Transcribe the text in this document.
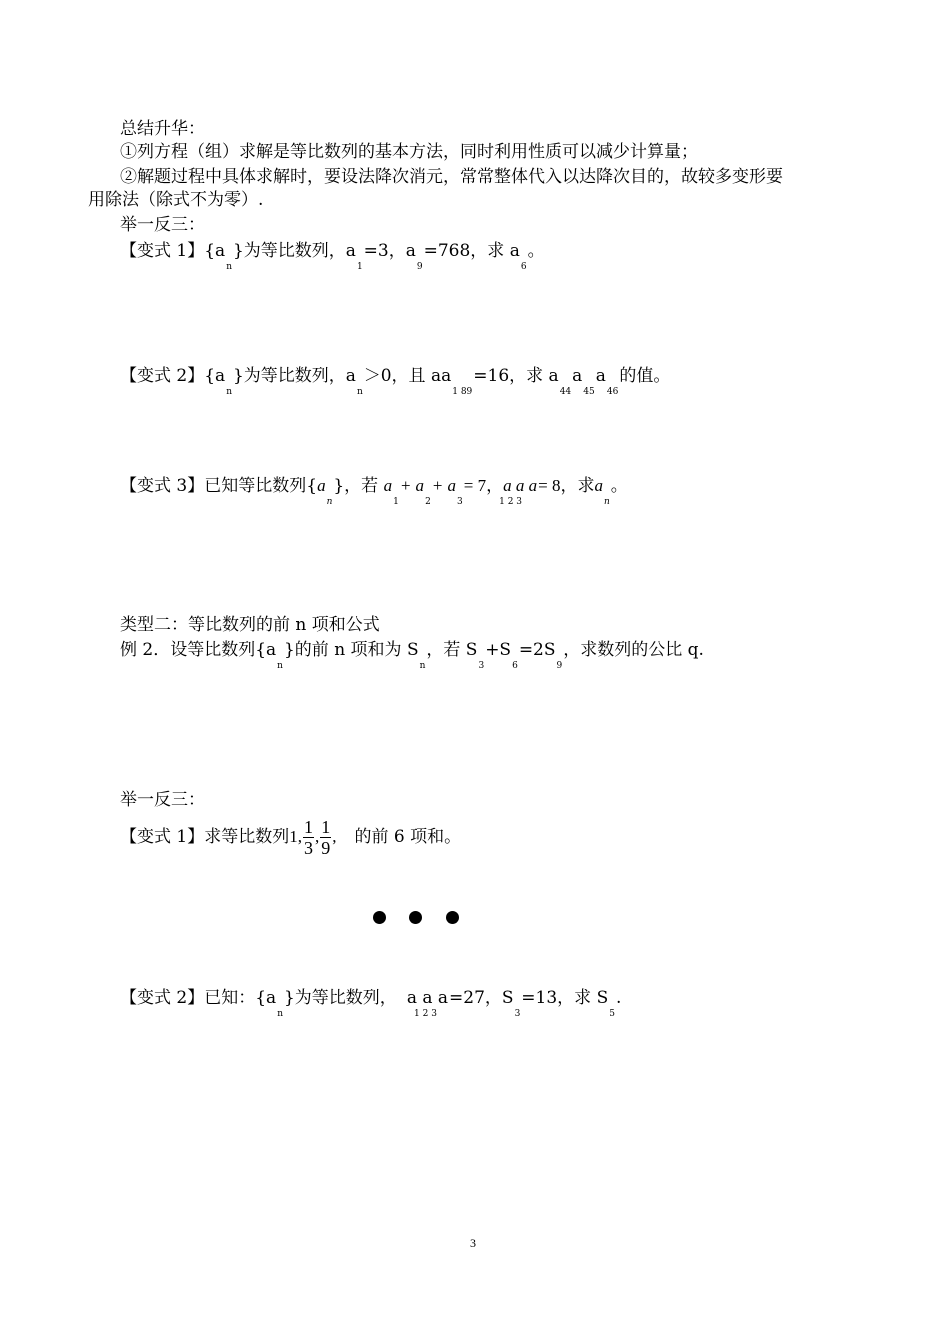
总结升华：
①列方程（组）求解是等比数列的基本方法，同时利用性质可以减少计算量；
②解题过程中具体求解时，要设法降次消元，常常整体代入以达降次目的，故较多变形要
用除法（除式不为零）.
举一反三：
【变式 1】{an}为等比数列，a1=3，a9=768，求 a6。
【变式 2】{an}为等比数列，an＞0，且 aa1 89=16，求 a44a45a46的值。
【变式 3】已知等比数列{an}，若 a1+ a2+ a3= 7，a a a1 2 3= 8，求an。
类型二：等比数列的前 n 项和公式
例 2．设等比数列{an}的前 n 项和为 Sn，若 S3+S6=2S9，求数列的公比 q.
举一反三：
【变式 1】求等比数列1, $\frac{1}{3}$ , $\frac{1}{9}$ , 的前 6 项和。
【变式 2】已知：{an}为等比数列， a a a1 2 3=27，S3=13，求 S5.
3
